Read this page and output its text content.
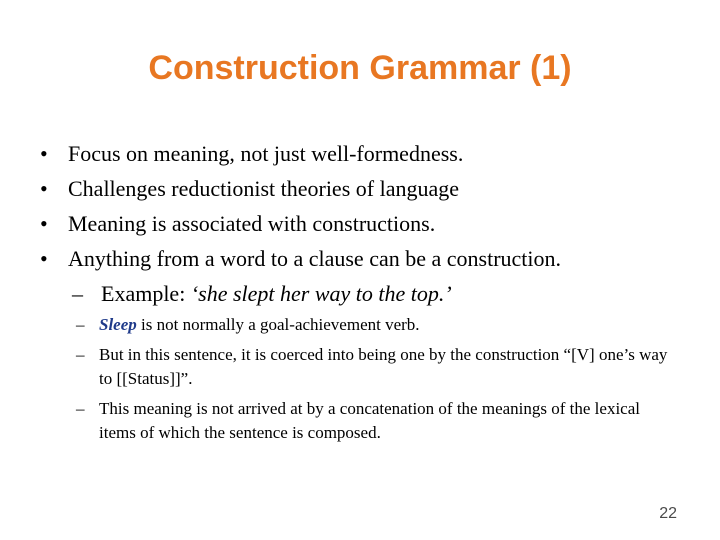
Construction Grammar (1)
• Focus on meaning, not just well-formedness.
• Challenges reductionist theories of language
• Meaning is associated with constructions.
• Anything from a word to a clause can be a construction.
– Example: ‘she slept her way to the top.’
– Sleep is not normally a goal-achievement verb.
– But in this sentence, it is coerced into being one by the construction “[V] one’s way to [[Status]]”.
– This meaning is not arrived at by a concatenation of the meanings of the lexical items of which the sentence is composed.
22
